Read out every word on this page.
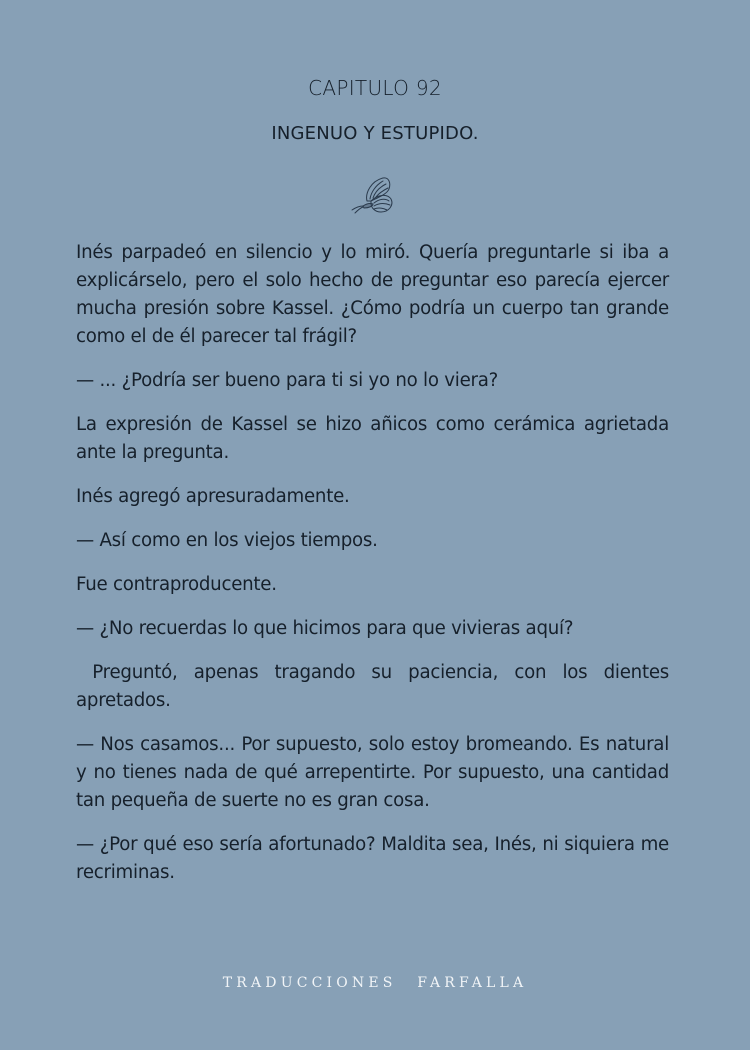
CAPITULO 92
INGENUO Y ESTUPIDO.

Inés parpadeó en silencio y lo miró. Quería preguntarle si iba a explicárselo, pero el solo hecho de preguntar eso parecía ejercer mucha presión sobre Kassel. ¿Cómo podría un cuerpo tan grande como el de él parecer tal frágil?

— ... ¿Podría ser bueno para ti si yo no lo viera?

La expresión de Kassel se hizo añicos como cerámica agrietada ante la pregunta.

Inés agregó apresuradamente.

— Así como en los viejos tiempos.

Fue contraproducente.

— ¿No recuerdas lo que hicimos para que vivieras aquí?

Preguntó, apenas tragando su paciencia, con los dientes apretados.

— Nos casamos... Por supuesto, solo estoy bromeando. Es natural y no tienes nada de qué arrepentirte. Por supuesto, una cantidad tan pequeña de suerte no es gran cosa.

— ¿Por qué eso sería afortunado? Maldita sea, Inés, ni siquiera me recriminas.

TRADUCCIONES FARFALLA
